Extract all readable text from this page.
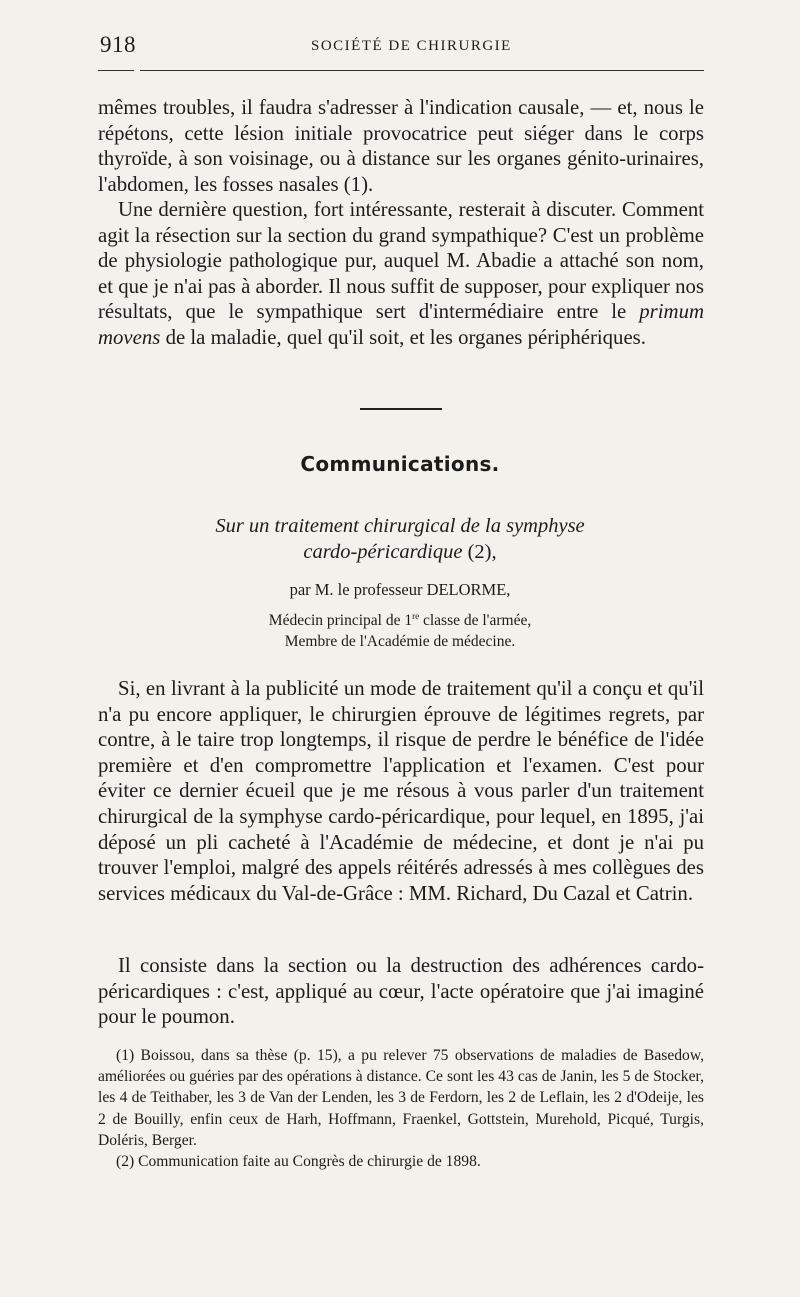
918	SOCIÉTÉ DE CHIRURGIE

mêmes troubles, il faudra s'adresser à l'indication causale, — et, nous le répétons, cette lésion initiale provocatrice peut siéger dans le corps thyroïde, à son voisinage, ou à distance sur les organes génito-urinaires, l'abdomen, les fosses nasales (1).

Une dernière question, fort intéressante, resterait à discuter. Comment agit la résection sur la section du grand sympathique? C'est un problème de physiologie pathologique pur, auquel M. Abadie a attaché son nom, et que je n'ai pas à aborder. Il nous suffit de supposer, pour expliquer nos résultats, que le sympathique sert d'intermédiaire entre le primum movens de la maladie, quel qu'il soit, et les organes périphériques.

Communications.
Sur un traitement chirurgical de la symphyse
cardo-péricardique (2),
par M. le professeur DELORME,
Médecin principal de 1re classe de l'armée,
Membre de l'Académie de médecine.

Si, en livrant à la publicité un mode de traitement qu'il a conçu et qu'il n'a pu encore appliquer, le chirurgien éprouve de légitimes regrets, par contre, à le taire trop longtemps, il risque de perdre le bénéfice de l'idée première et d'en compromettre l'application et l'examen. C'est pour éviter ce dernier écueil que je me résous à vous parler d'un traitement chirurgical de la symphyse cardo-péricardique, pour lequel, en 1895, j'ai déposé un pli cacheté à l'Académie de médecine, et dont je n'ai pu trouver l'emploi, malgré des appels réitérés adressés à mes collègues des services médicaux du Val-de-Grâce : MM. Richard, Du Cazal et Catrin.

Il consiste dans la section ou la destruction des adhérences cardo-péricardiques : c'est, appliqué au cœur, l'acte opératoire que j'ai imaginé pour le poumon.

(1) Boissou, dans sa thèse (p. 15), a pu relever 75 observations de maladies de Basedow, améliorées ou guéries par des opérations à distance. Ce sont les 43 cas de Janin, les 5 de Stocker, les 4 de Teithaber, les 3 de Van der Lenden, les 3 de Ferdorn, les 2 de Leflain, les 2 d'Odeije, les 2 de Bouilly, enfin ceux de Harh, Hoffmann, Fraenkel, Gottstein, Murehold, Picqué, Turgis, Doléris, Berger.

(2) Communication faite au Congrès de chirurgie de 1898.
